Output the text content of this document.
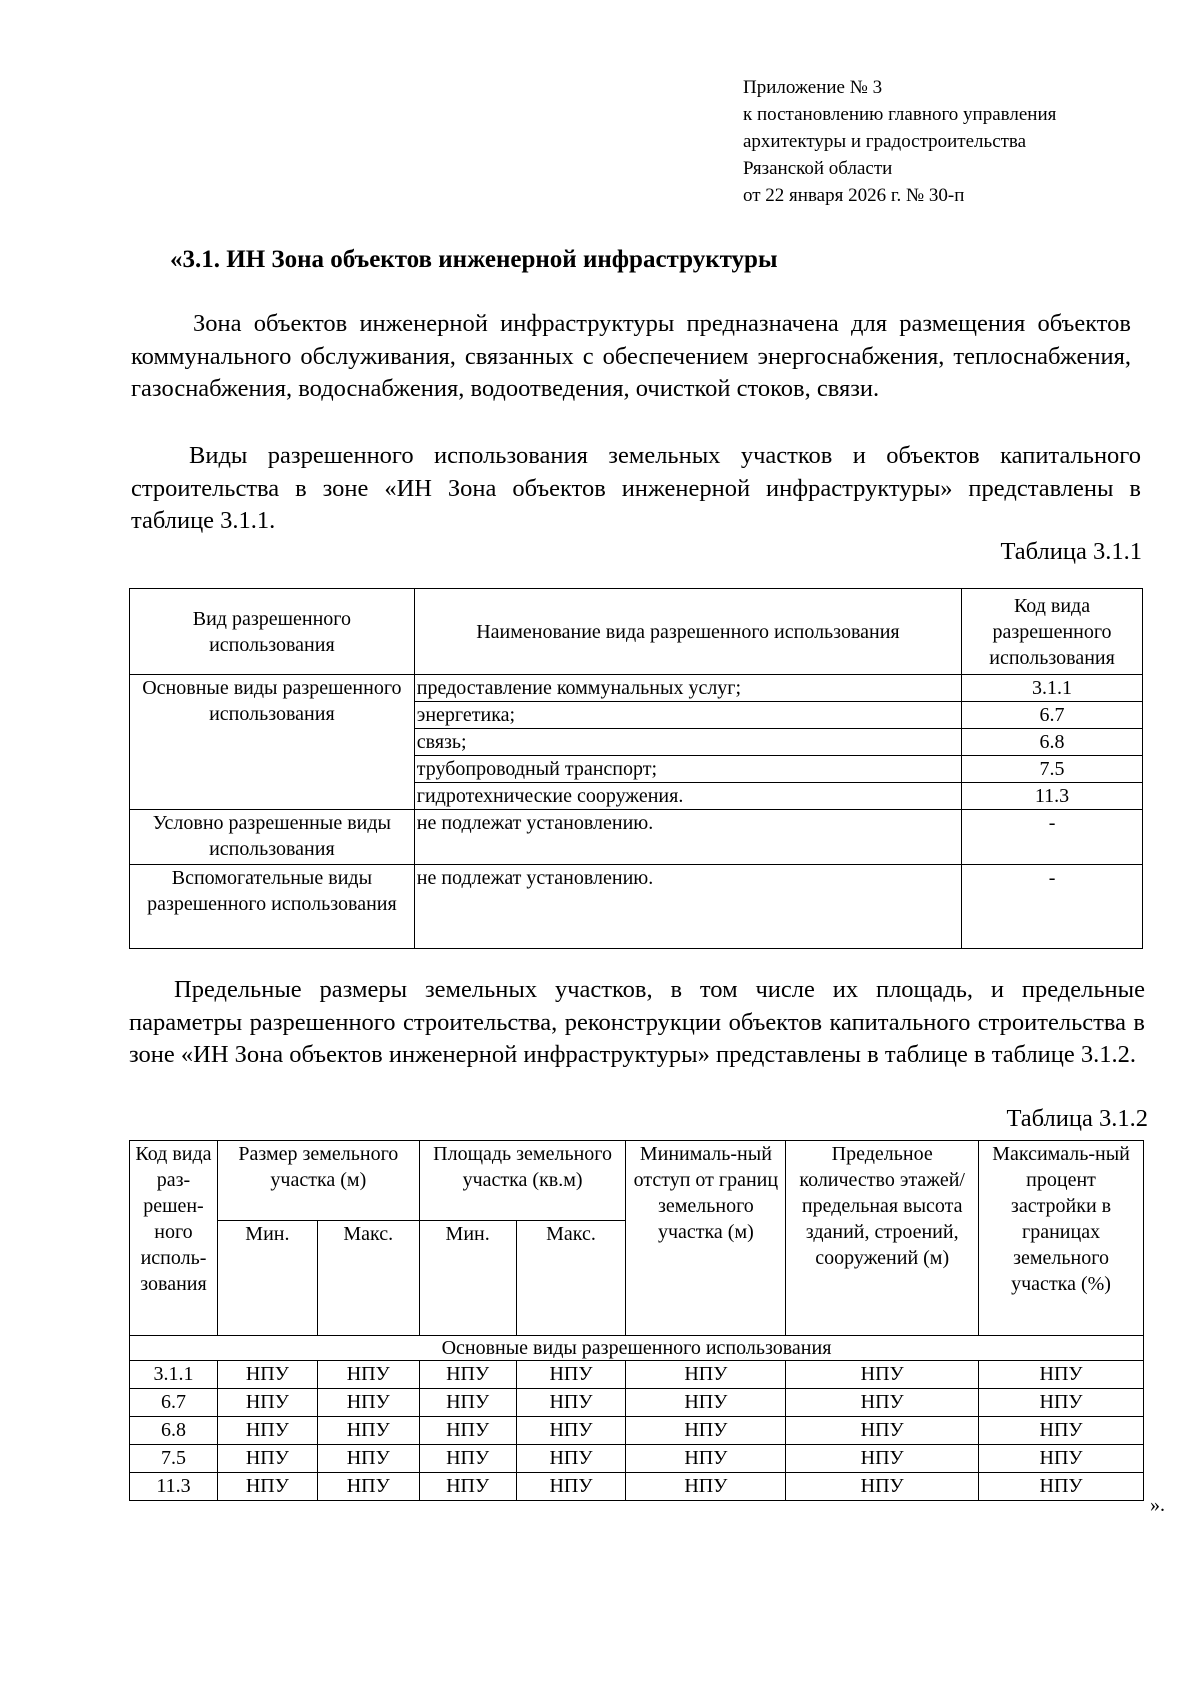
Приложение № 3
к постановлению главного управления
архитектуры и градостроительства
Рязанской области
от 22 января 2026 г. № 30-п
«3.1. ИН Зона объектов инженерной инфраструктуры
Зона объектов инженерной инфраструктуры предназначена для размещения объектов коммунального обслуживания, связанных с обеспечением энергоснабжения, теплоснабжения, газоснабжения, водоснабжения, водоотведения, очисткой стоков, связи.
Виды разрешенного использования земельных участков и объектов капитального строительства в зоне «ИН Зона объектов инженерной инфраструктуры» представлены в таблице 3.1.1.
Таблица 3.1.1
Вид разрешенного использования	Наименование вида разрешенного использования	Код вида разрешенного использования
Основные виды разрешенного использования	предоставление коммунальных услуг;	3.1.1
	энергетика;	6.7
	связь;	6.8
	трубопроводный транспорт;	7.5
	гидротехнические сооружения.	11.3
Условно разрешенные виды использования	не подлежат установлению.	-
Вспомогательные виды разрешенного использования	не подлежат установлению.	-
Предельные размеры земельных участков, в том числе их площадь, и предельные параметры разрешенного строительства, реконструкции объектов капитального строительства в зоне «ИН Зона объектов инженерной инфраструктуры» представлены в таблице в таблице 3.1.2.
Таблица 3.1.2
Код вида раз-решен-ного исполь-зования	Размер земельного участка (м)		Площадь земельного участка (кв.м)		Минималь-ный отступ от границ земельного участка (м)	Предельное количество этажей/ предельная высота зданий, строений, сооружений (м)	Максималь-ный процент застройки в границах земельного участка (%)
	Мин.	Макс.	Мин.	Макс.			
Основные виды разрешенного использования							
3.1.1	НПУ	НПУ	НПУ	НПУ	НПУ	НПУ	НПУ
6.7	НПУ	НПУ	НПУ	НПУ	НПУ	НПУ	НПУ
6.8	НПУ	НПУ	НПУ	НПУ	НПУ	НПУ	НПУ
7.5	НПУ	НПУ	НПУ	НПУ	НПУ	НПУ	НПУ
11.3	НПУ	НПУ	НПУ	НПУ	НПУ	НПУ	НПУ
».
